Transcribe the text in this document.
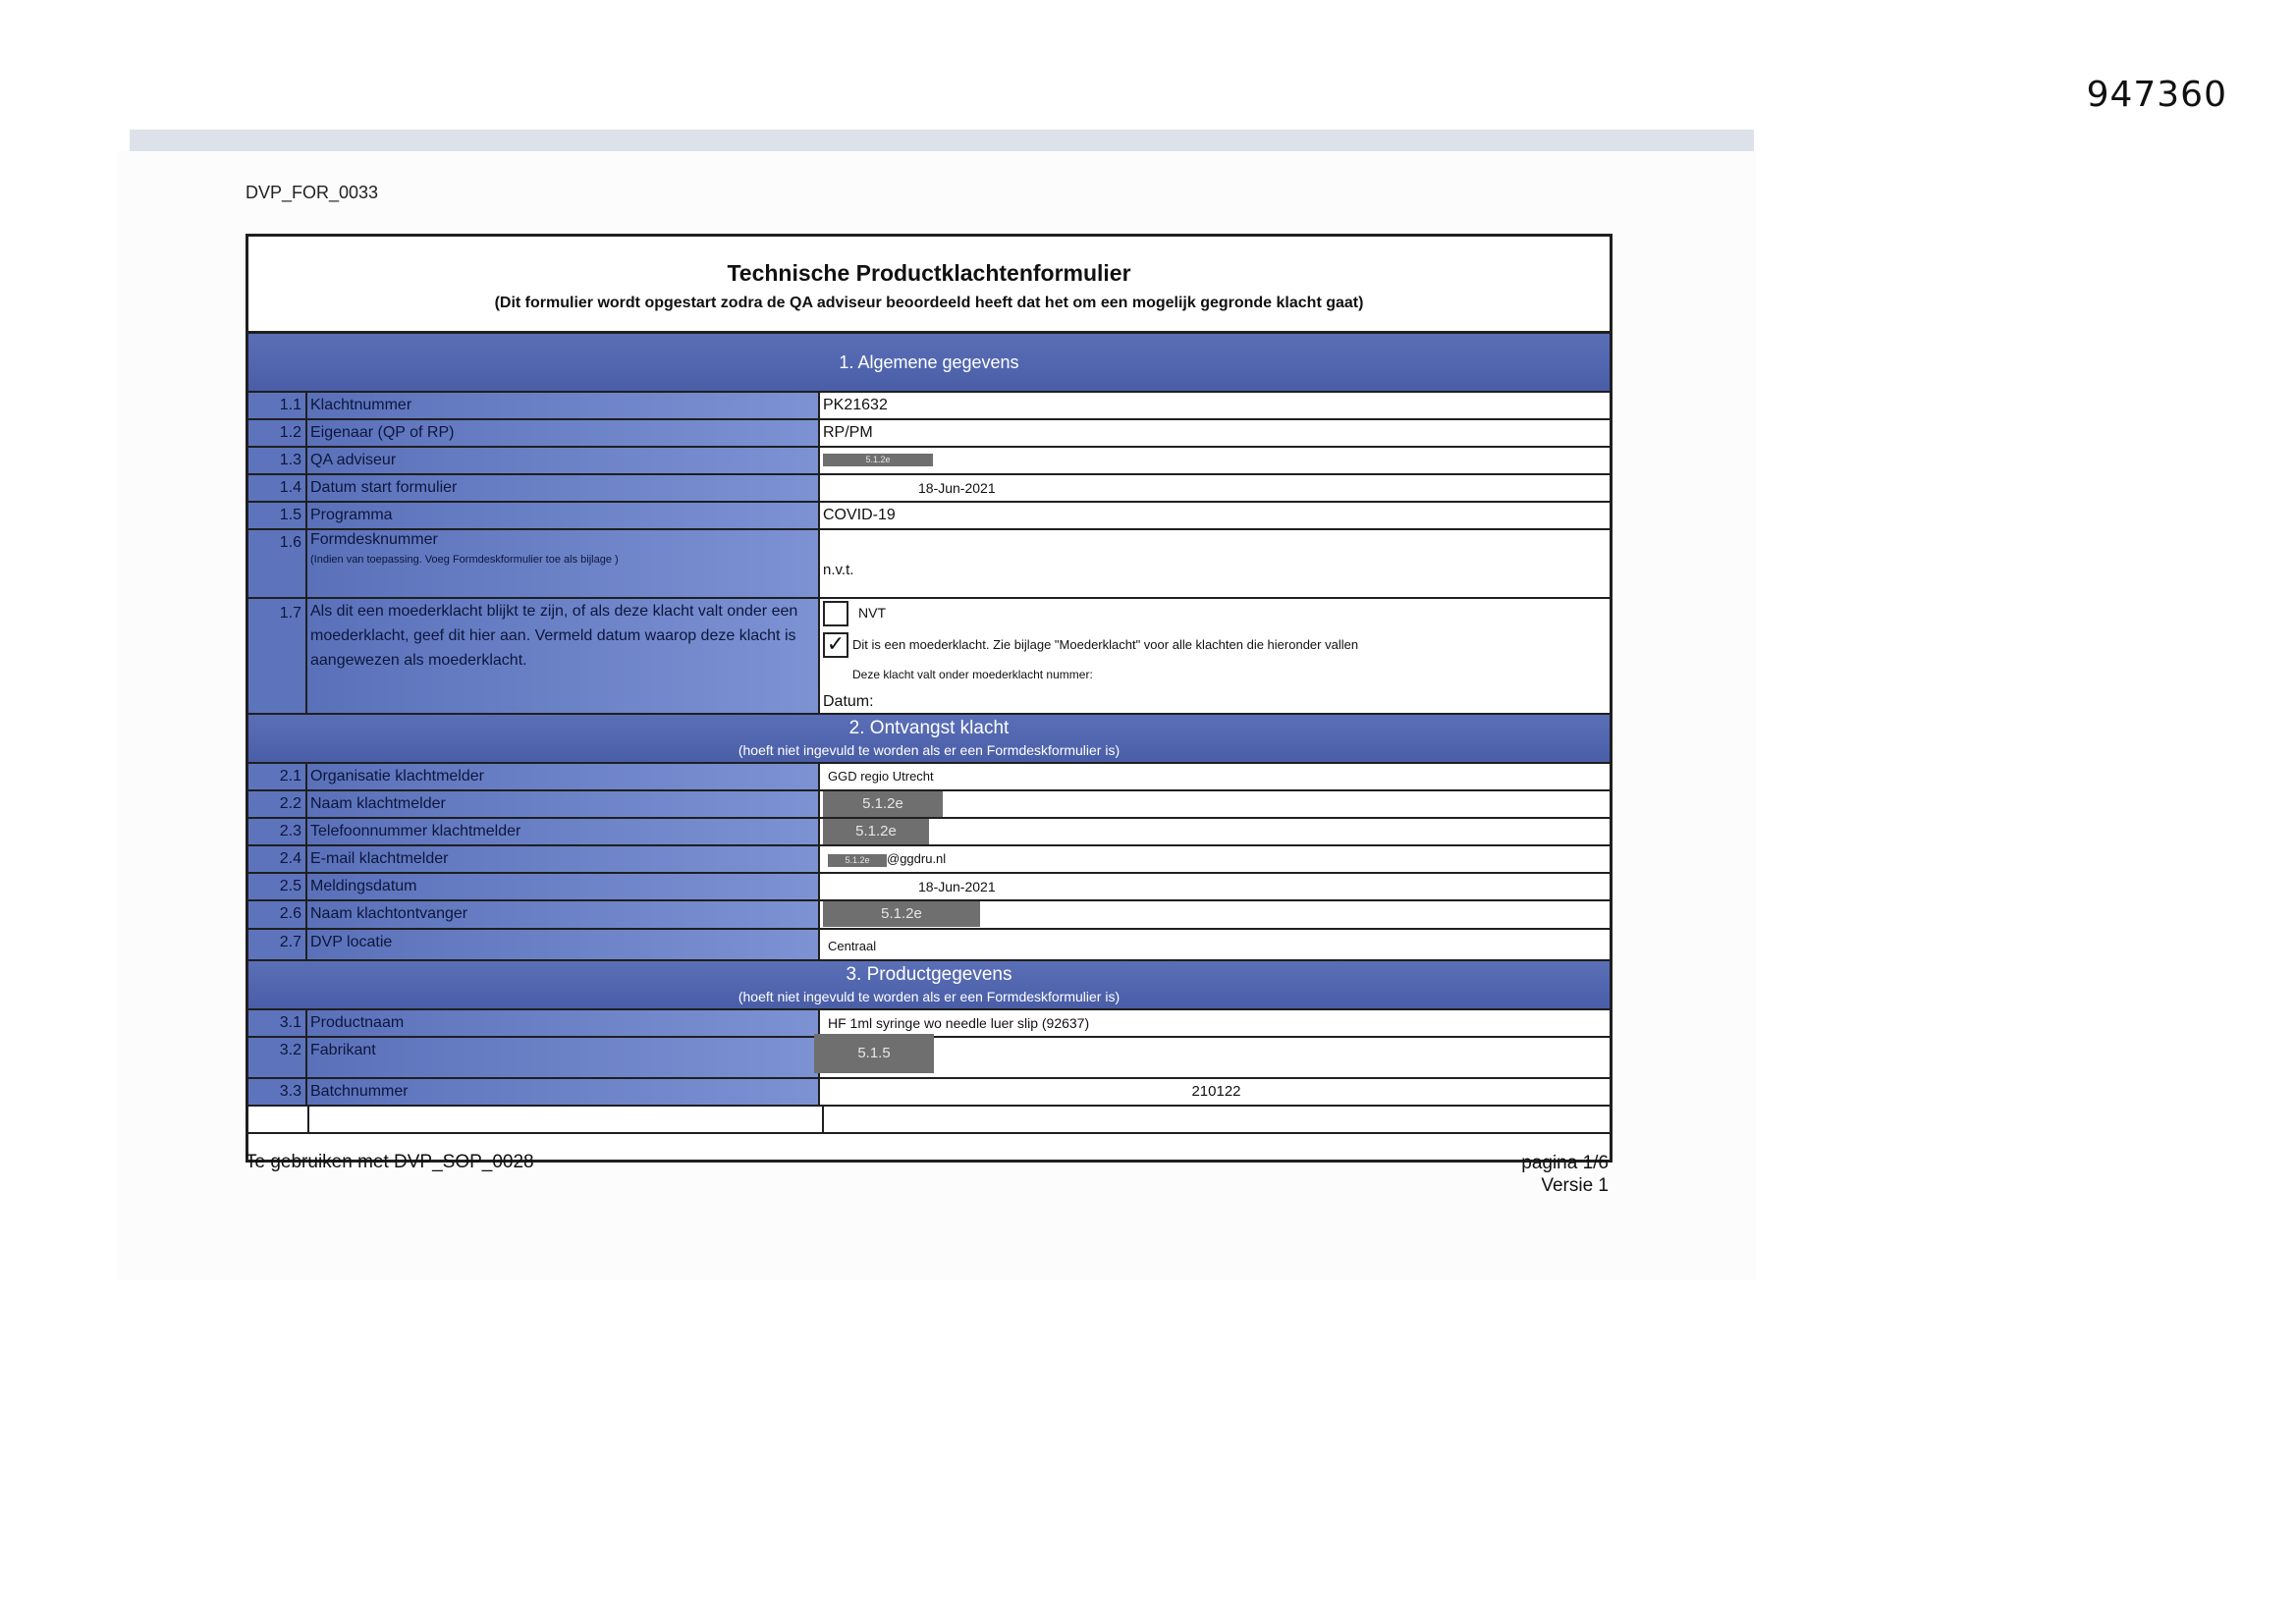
947360
DVP_FOR_0033
Technische Productklachtenformulier
(Dit formulier wordt opgestart zodra de QA adviseur beoordeeld heeft dat het om een mogelijk gegronde klacht gaat)
1. Algemene gegevens
1.1 Klachtnummer	PK21632
1.2 Eigenaar (QP of RP)	RP/PM
1.3 QA adviseur	5.1.2e
1.4 Datum start formulier	18-Jun-2021
1.5 Programma	COVID-19
1.6 Formdesknummer
(Indien van toepassing. Voeg Formdeskformulier toe als bijlage )
n.v.t.
1.7 Als dit een moederklacht blijkt te zijn, of als deze klacht valt onder een moederklacht, geef dit hier aan. Vermeld datum waarop deze klacht is aangewezen als moederklacht.
NVT
✓ Dit is een moederklacht. Zie bijlage "Moederklacht" voor alle klachten die hieronder vallen
Deze klacht valt onder moederklacht nummer:
Datum:
2. Ontvangst klacht
(hoeft niet ingevuld te worden als er een Formdeskformulier is)
2.1 Organisatie klachtmelder	GGD regio Utrecht
2.2 Naam klachtmelder	5.1.2e
2.3 Telefoonnummer klachtmelder	5.1.2e
2.4 E-mail klachtmelder	5.1.2e @ggdru.nl
2.5 Meldingsdatum	18-Jun-2021
2.6 Naam klachtontvanger	5.1.2e
2.7 DVP locatie	Centraal
3. Productgegevens
(hoeft niet ingevuld te worden als er een Formdeskformulier is)
3.1 Productnaam	HF 1ml syringe wo needle luer slip (92637)
3.2 Fabrikant	5.1.5
3.3 Batchnummer	210122
Te gebruiken met DVP_SOP_0028	pagina 1/6
Versie 1
